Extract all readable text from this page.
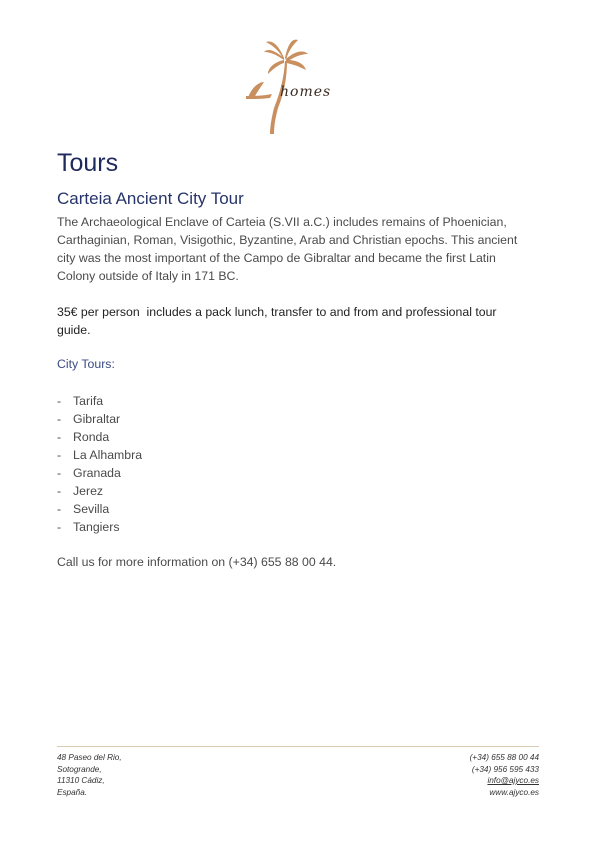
homes
Tours
Carteia Ancient City Tour

The Archaeological Enclave of Carteia (S.VII a.C.) includes remains of Phoenician,
Carthaginian, Roman, Visigothic, Byzantine, Arab and Christian epochs. This ancient
city was the most important of the Campo de Gibraltar and became the first Latin
Colony outside of Italy in 171 BC.

35€ per person  includes a pack lunch, transfer to and from and professional tour
guide.

City Tours:

- Tarifa
- Gibraltar
- Ronda
- La Alhambra
- Granada
- Jerez
- Sevilla
- Tangiers

Call us for more information on (+34) 655 88 00 44.

48 Paseo del Rio,
Sotogrande,
11310 Cádiz,
España.
(+34) 655 88 00 44
(+34) 956 595 433
info@ajyco.es
www.ajyco.es
